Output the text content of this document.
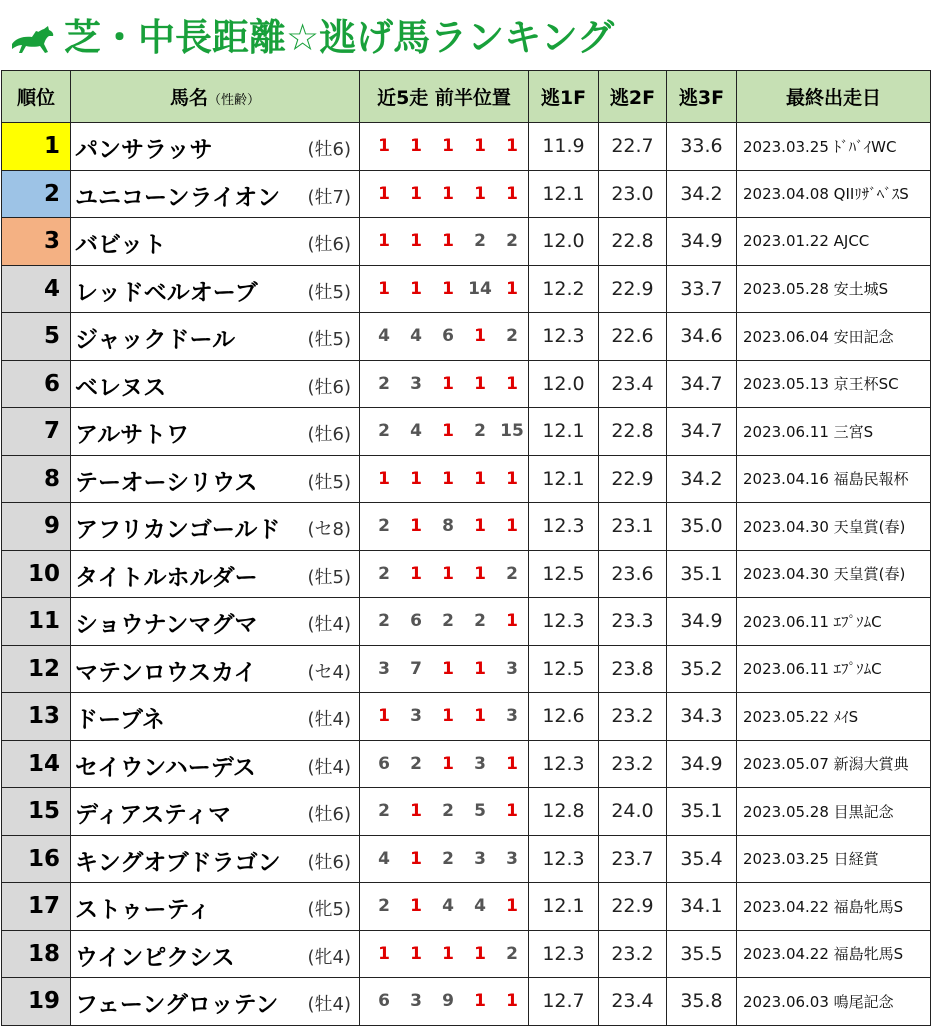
芝・中長距離☆逃げ馬ランキング
順位	馬名（性齢）	近5走 前半位置	逃1F	逃2F	逃3F	最終出走日
1	パンサラッサ (牡6)	1 1 1 1 1	11.9	22.7	33.6	2023.03.25 ﾄﾞﾊﾞｲWC
2	ユニコーンライオン (牡7)	1 1 1 1 1	12.1	23.0	34.2	2023.04.08 QIIﾘｻﾞﾍﾞｽS
3	バビット (牡6)	1 1 1 2 2	12.0	22.8	34.9	2023.01.22 AJCC
4	レッドベルオーブ (牡5)	1 1 1 14 1	12.2	22.9	33.7	2023.05.28 安土城S
5	ジャックドール (牡5)	4 4 6 1 2	12.3	22.6	34.6	2023.06.04 安田記念
6	ベレヌス (牡6)	2 3 1 1 1	12.0	23.4	34.7	2023.05.13 京王杯SC
7	アルサトワ (牡6)	2 4 1 2 15	12.1	22.8	34.7	2023.06.11 三宮S
8	テーオーシリウス (牡5)	1 1 1 1 1	12.1	22.9	34.2	2023.04.16 福島民報杯
9	アフリカンゴールド (セ8)	2 1 8 1 1	12.3	23.1	35.0	2023.04.30 天皇賞(春)
10	タイトルホルダー (牡5)	2 1 1 1 2	12.5	23.6	35.1	2023.04.30 天皇賞(春)
11	ショウナンマグマ (牡4)	2 6 2 2 1	12.3	23.3	34.9	2023.06.11 ｴﾌﾟｿﾑC
12	マテンロウスカイ (セ4)	3 7 1 1 3	12.5	23.8	35.2	2023.06.11 ｴﾌﾟｿﾑC
13	ドーブネ (牡4)	1 3 1 1 3	12.6	23.2	34.3	2023.05.22 ﾒｲS
14	セイウンハーデス (牡4)	6 2 1 3 1	12.3	23.2	34.9	2023.05.07 新潟大賞典
15	ディアスティマ (牡6)	2 1 2 5 1	12.8	24.0	35.1	2023.05.28 目黒記念
16	キングオブドラゴン (牡6)	4 1 2 3 3	12.3	23.7	35.4	2023.03.25 日経賞
17	ストゥーティ (牝5)	2 1 4 4 1	12.1	22.9	34.1	2023.04.22 福島牝馬S
18	ウインピクシス (牝4)	1 1 1 1 2	12.3	23.2	35.5	2023.04.22 福島牝馬S
19	フェーングロッテン (牡4)	6 3 9 1 1	12.7	23.4	35.8	2023.06.03 鳴尾記念
